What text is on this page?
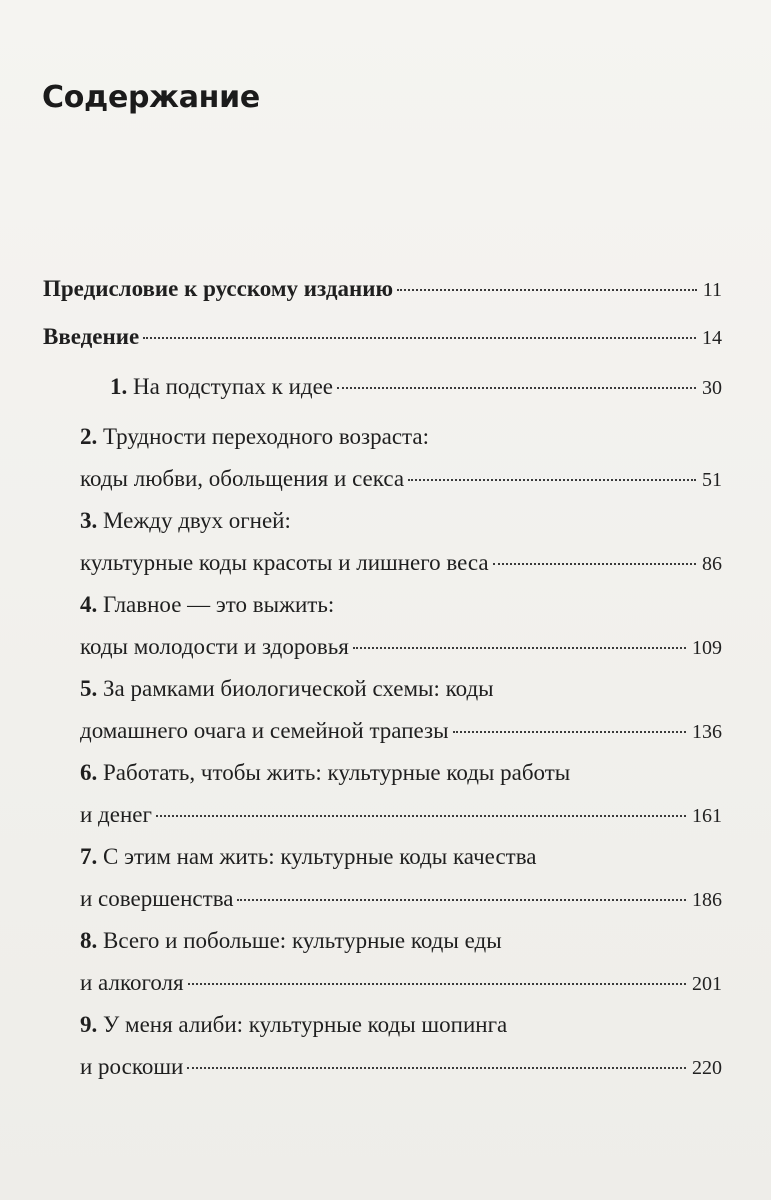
Содержание
Предисловие к русскому изданию	11
Введение	14
1. На подступах к идее	30
2. Трудности переходного возраста:
коды любви, обольщения и секса	51
3. Между двух огней:
культурные коды красоты и лишнего веса	86
4. Главное — это выжить:
коды молодости и здоровья	109
5. За рамками биологической схемы: коды
домашнего очага и семейной трапезы	136
6. Работать, чтобы жить: культурные коды работы
и денег	161
7. С этим нам жить: культурные коды качества
и совершенства	186
8. Всего и побольше: культурные коды еды
и алкоголя	201
9. У меня алиби: культурные коды шопинга
и роскоши	220
